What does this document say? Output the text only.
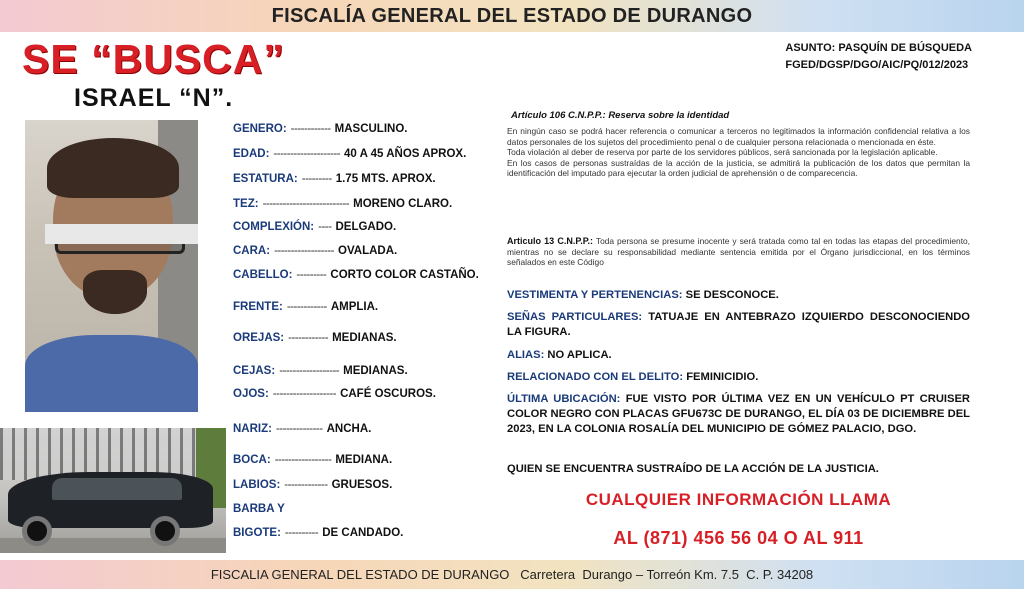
FISCALÍA GENERAL DEL ESTADO DE DURANGO
SE “BUSCA”
ISRAEL “N”.
ASUNTO: PASQUÍN DE BÚSQUEDA
FGED/DGSP/DGO/AIC/PQ/012/2023
GENERO: ------------ MASCULINO.
EDAD: -------------------- 40 A 45 AÑOS APROX.
ESTATURA: --------- 1.75 MTS. APROX.
TEZ: -------------------------- MORENO CLARO.
COMPLEXIÓN: ---- DELGADO.
CARA: ------------------ OVALADA.
CABELLO: --------- CORTO COLOR CASTAÑO.
FRENTE: ------------ AMPLIA.
OREJAS: ------------ MEDIANAS.
CEJAS: ------------------ MEDIANAS.
OJOS: ------------------- CAFÉ OSCUROS.
NARIZ: -------------- ANCHA.
BOCA: ----------------- MEDIANA.
LABIOS: ------------- GRUESOS.
BARBA Y
BIGOTE: ---------- DE CANDADO.
Artículo 106 C.N.P.P.: Reserva sobre la identidad
En ningún caso se podrá hacer referencia o comunicar a terceros no legitimados la información confidencial relativa a los datos personales de los sujetos del procedimiento penal o de cualquier persona relacionada o mencionada en éste.
Toda violación al deber de reserva por parte de los servidores públicos, será sancionada por la legislación aplicable.
En los casos de personas sustraídas de la acción de la justicia, se admitirá la publicación de los datos que permitan la identificación del imputado para ejecutar la orden judicial de aprehensión o de comparecencia.
Articulo 13 C.N.P.P.: Toda persona se presume inocente y será tratada como tal en todas las etapas del procedimiento, mientras no se declare su responsabilidad mediante sentencia emitida por el Órgano jurisdiccional, en los términos señalados en este Código
VESTIMENTA Y PERTENENCIAS: SE DESCONOCE.
SEÑAS PARTICULARES: TATUAJE EN ANTEBRAZO IZQUIERDO DESCONOCIENDO LA FIGURA.
ALIAS: NO APLICA.
RELACIONADO CON EL DELITO: FEMINICIDIO.
ÚLTIMA UBICACIÓN: FUE VISTO POR ÚLTIMA VEZ EN UN VEHÍCULO PT CRUISER COLOR NEGRO CON PLACAS GFU673C DE DURANGO, EL DÍA 03 DE DICIEMBRE DEL 2023, EN LA COLONIA ROSALÍA DEL MUNICIPIO DE GÓMEZ PALACIO, DGO.
QUIEN SE ENCUENTRA SUSTRAÍDO DE LA ACCIÓN DE LA JUSTICIA.
CUALQUIER INFORMACIÓN LLAMA
AL (871) 456 56 04 O AL 911
FISCALIA GENERAL DEL ESTADO DE DURANGO   Carretera  Durango – Torreón Km. 7.5  C. P. 34208
